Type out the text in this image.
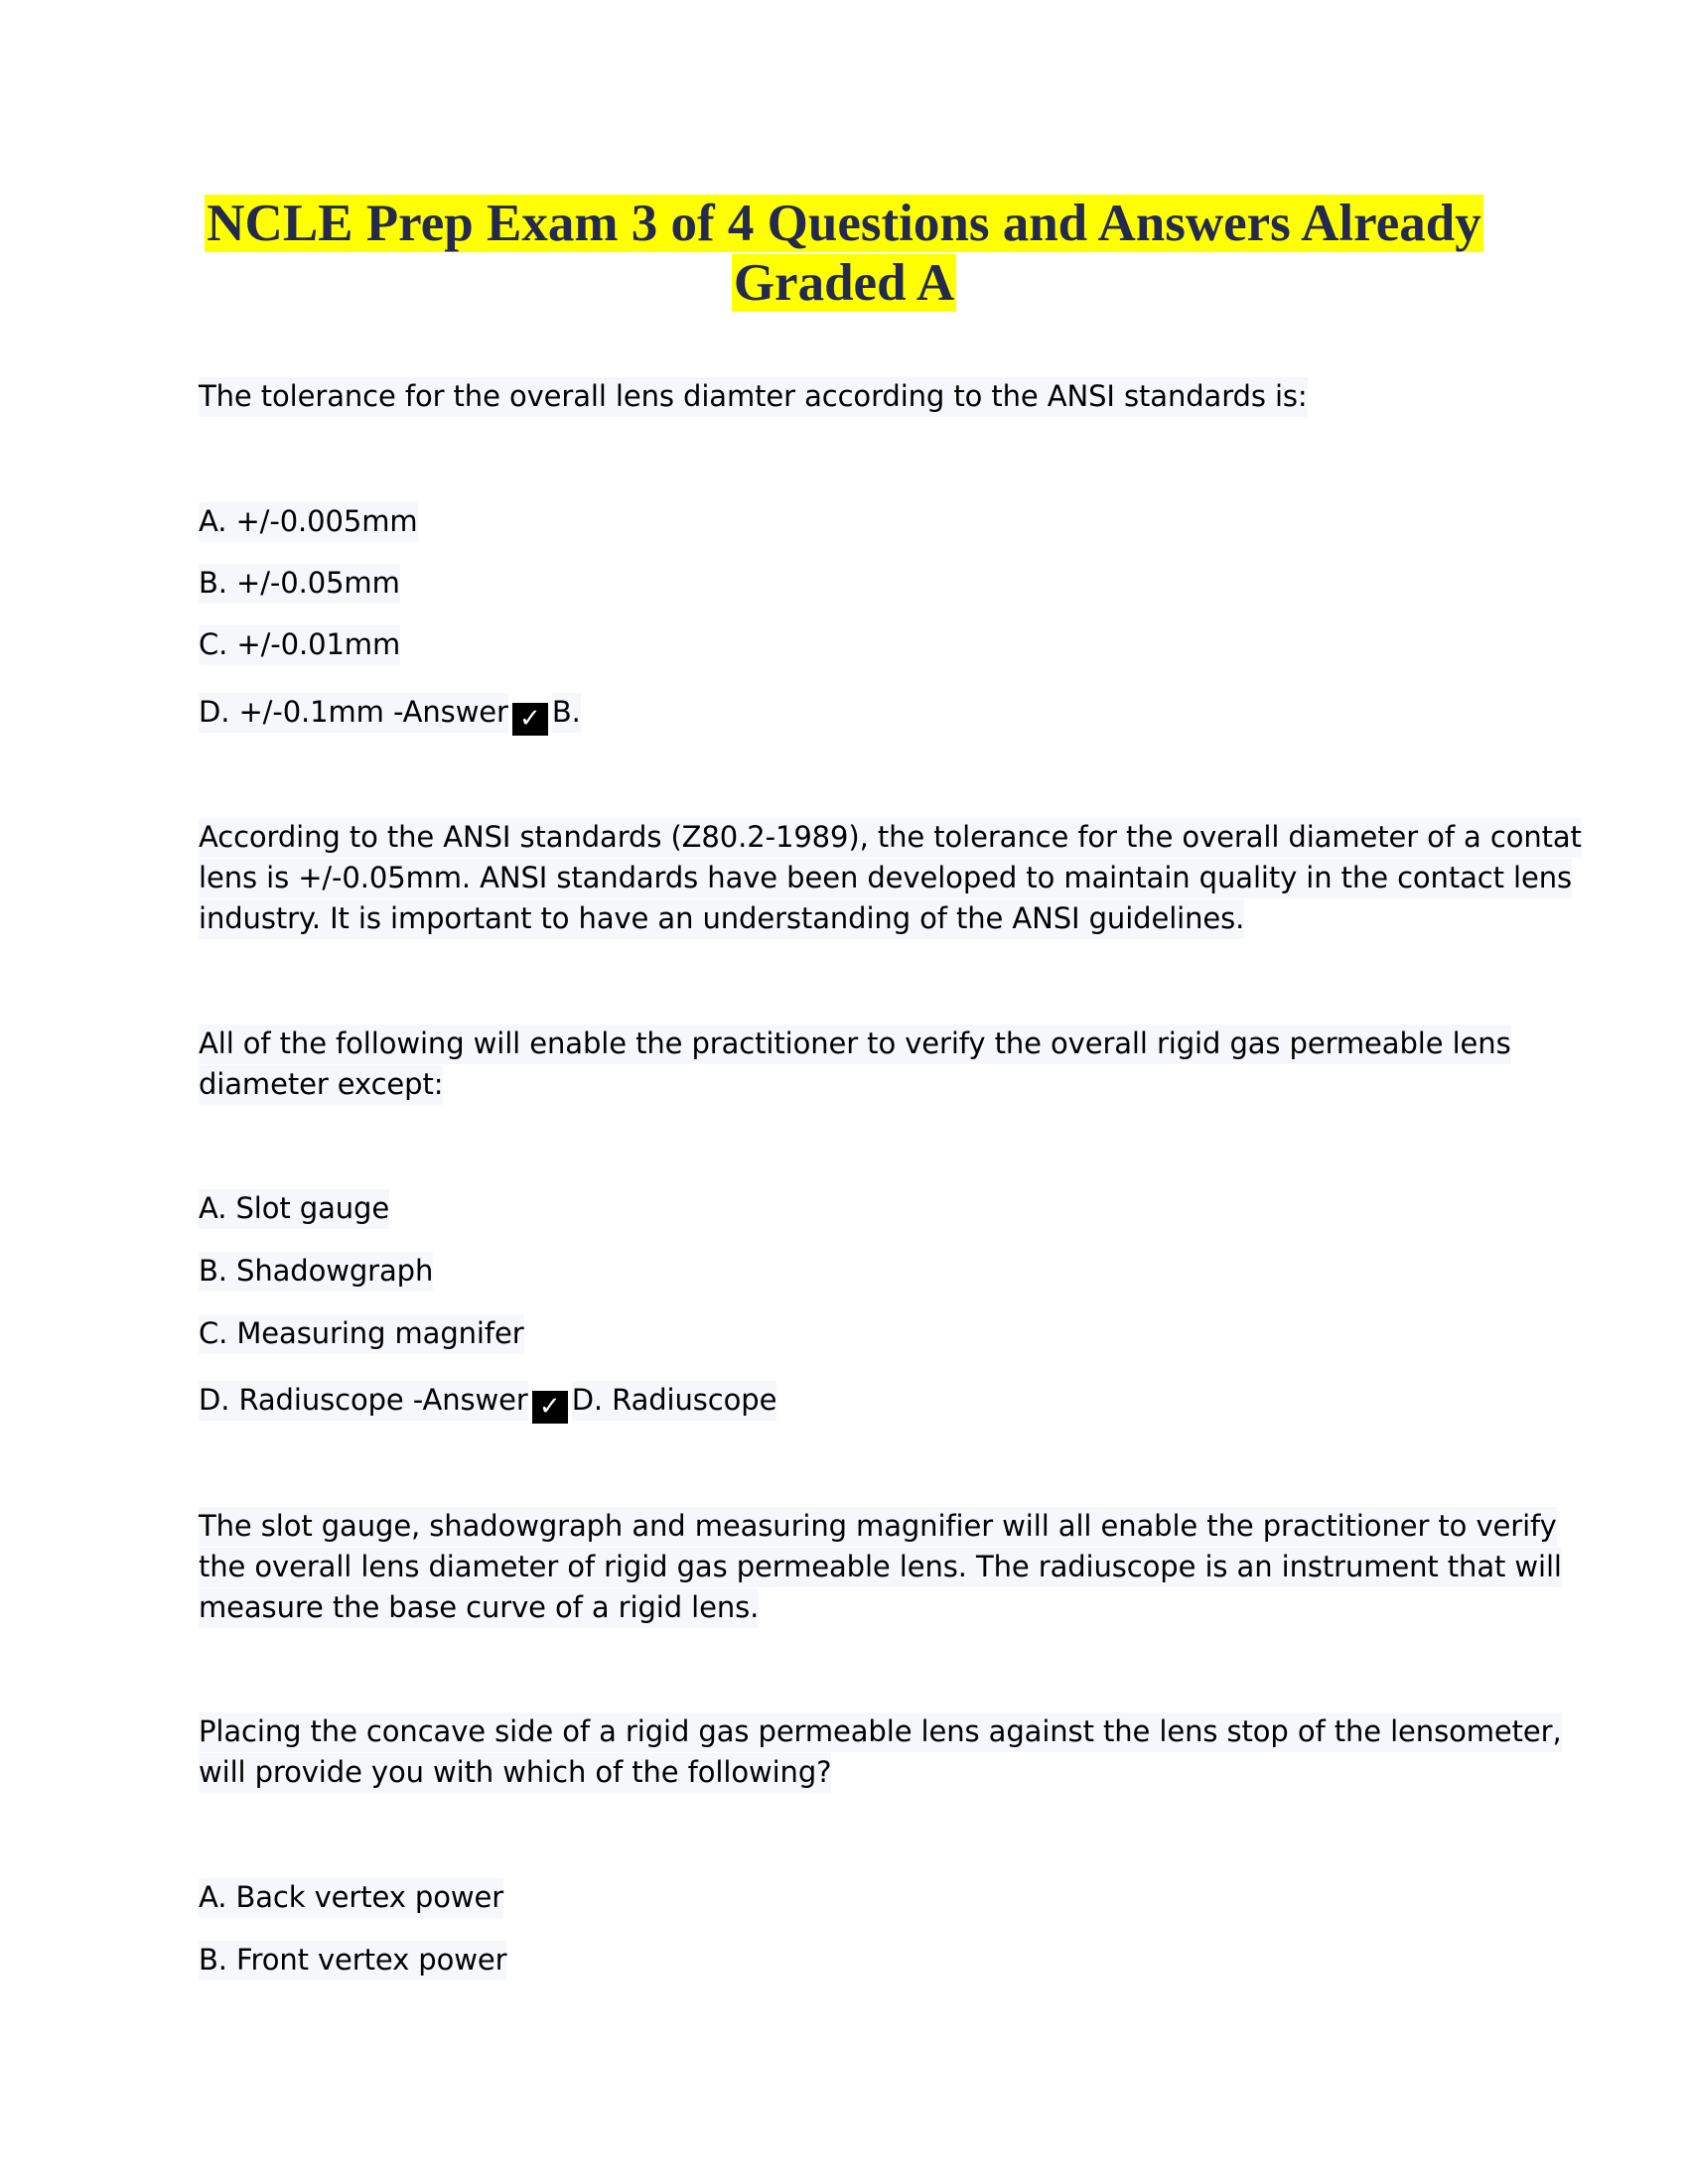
NCLE Prep Exam 3 of 4 Questions and Answers Already
Graded A
The tolerance for the overall lens diamter according to the ANSI standards is:
A. +/-0.005mm
B. +/-0.05mm
C. +/-0.01mm
D. +/-0.1mm -Answer ✓ B.
According to the ANSI standards (Z80.2-1989), the tolerance for the overall diameter of a contat
lens is +/-0.05mm. ANSI standards have been developed to maintain quality in the contact lens
industry. It is important to have an understanding of the ANSI guidelines.
All of the following will enable the practitioner to verify the overall rigid gas permeable lens
diameter except:
A. Slot gauge
B. Shadowgraph
C. Measuring magnifer
D. Radiuscope -Answer ✓ D. Radiuscope
The slot gauge, shadowgraph and measuring magnifier will all enable the practitioner to verify
the overall lens diameter of rigid gas permeable lens. The radiuscope is an instrument that will
measure the base curve of a rigid lens.
Placing the concave side of a rigid gas permeable lens against the lens stop of the lensometer,
will provide you with which of the following?
A. Back vertex power
B. Front vertex power
